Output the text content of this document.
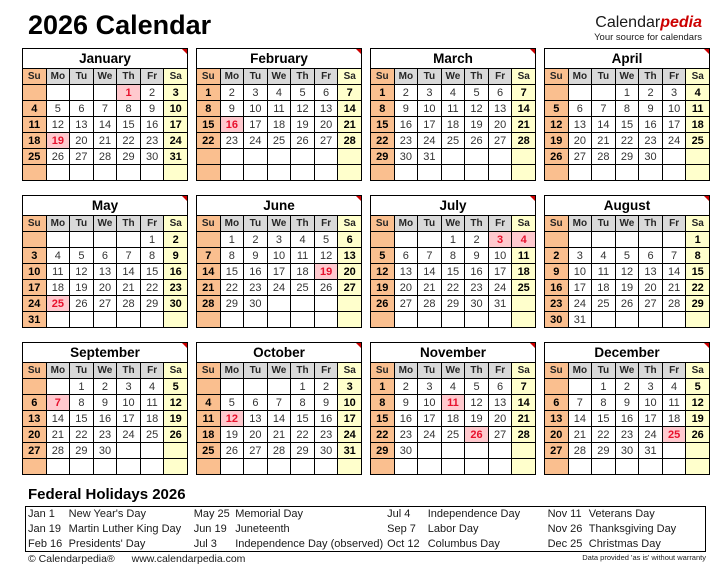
2026 Calendar	Calendarpedia
Your source for calendars
January
Su	Mo	Tu	We	Th	Fr	Sa
				1	2	3
4	5	6	7	8	9	10
11	12	13	14	15	16	17
18	19	20	21	22	23	24
25	26	27	28	29	30	31

February
Su	Mo	Tu	We	Th	Fr	Sa
1	2	3	4	5	6	7
8	9	10	11	12	13	14
15	16	17	18	19	20	21
22	23	24	25	26	27	28

March
Su	Mo	Tu	We	Th	Fr	Sa
1	2	3	4	5	6	7
8	9	10	11	12	13	14
15	16	17	18	19	20	21
22	23	24	25	26	27	28
29	30	31				

April
Su	Mo	Tu	We	Th	Fr	Sa
			1	2	3	4
5	6	7	8	9	10	11
12	13	14	15	16	17	18
19	20	21	22	23	24	25
26	27	28	29	30		

May
Su	Mo	Tu	We	Th	Fr	Sa
					1	2
3	4	5	6	7	8	9
10	11	12	13	14	15	16
17	18	19	20	21	22	23
24	25	26	27	28	29	30
31						
June
Su	Mo	Tu	We	Th	Fr	Sa
	1	2	3	4	5	6
7	8	9	10	11	12	13
14	15	16	17	18	19	20
21	22	23	24	25	26	27
28	29	30				

July
Su	Mo	Tu	We	Th	Fr	Sa
			1	2	3	4
5	6	7	8	9	10	11
12	13	14	15	16	17	18
19	20	21	22	23	24	25
26	27	28	29	30	31	

August
Su	Mo	Tu	We	Th	Fr	Sa
						1
2	3	4	5	6	7	8
9	10	11	12	13	14	15
16	17	18	19	20	21	22
23	24	25	26	27	28	29
30	31					
September
Su	Mo	Tu	We	Th	Fr	Sa
		1	2	3	4	5
6	7	8	9	10	11	12
13	14	15	16	17	18	19
20	21	22	23	24	25	26
27	28	29	30			

October
Su	Mo	Tu	We	Th	Fr	Sa
				1	2	3
4	5	6	7	8	9	10
11	12	13	14	15	16	17
18	19	20	21	22	23	24
25	26	27	28	29	30	31

November
Su	Mo	Tu	We	Th	Fr	Sa
1	2	3	4	5	6	7
8	9	10	11	12	13	14
15	16	17	18	19	20	21
22	23	24	25	26	27	28
29	30					

December
Su	Mo	Tu	We	Th	Fr	Sa
		1	2	3	4	5
6	7	8	9	10	11	12
13	14	15	16	17	18	19
20	21	22	23	24	25	26
27	28	29	30	31		

Federal Holidays 2026
Jan 1	New Year's Day	May 25	Memorial Day	Jul 4	Independence Day	Nov 11	Veterans Day
Jan 19	Martin Luther King Day	Jun 19	Juneteenth	Sep 7	Labor Day	Nov 26	Thanksgiving Day
Feb 16	Presidents' Day	Jul 3	Independence Day (observed)	Oct 12	Columbus Day	Dec 25	Christmas Day
© Calendarpedia® www.calendarpedia.com	Data provided 'as is' without warranty
